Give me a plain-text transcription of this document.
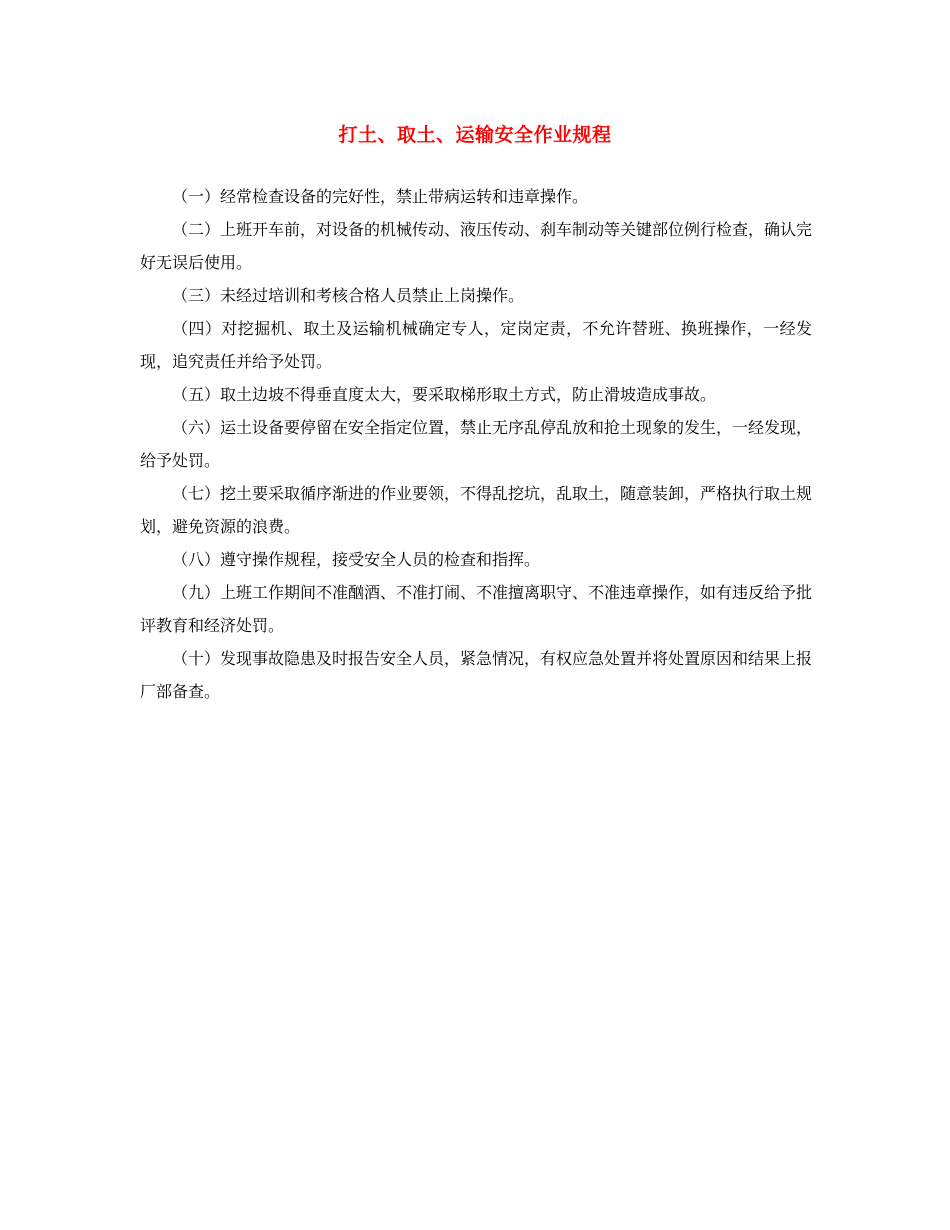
打土、取土、运输安全作业规程

（一）经常检查设备的完好性，禁止带病运转和违章操作。

（二）上班开车前，对设备的机械传动、液压传动、刹车制动等关键部位例行检查，确认完好无误后使用。

（三）未经过培训和考核合格人员禁止上岗操作。

（四）对挖掘机、取土及运输机械确定专人，定岗定责，不允许替班、换班操作，一经发现，追究责任并给予处罚。

（五）取土边坡不得垂直度太大，要采取梯形取土方式，防止滑坡造成事故。

（六）运土设备要停留在安全指定位置，禁止无序乱停乱放和抢土现象的发生，一经发现，给予处罚。

（七）挖土要采取循序渐进的作业要领，不得乱挖坑，乱取土，随意装卸，严格执行取土规划，避免资源的浪费。

（八）遵守操作规程，接受安全人员的检查和指挥。

（九）上班工作期间不准酗酒、不准打闹、不准擅离职守、不准违章操作，如有违反给予批评教育和经济处罚。

（十）发现事故隐患及时报告安全人员，紧急情况，有权应急处置并将处置原因和结果上报厂部备查。
